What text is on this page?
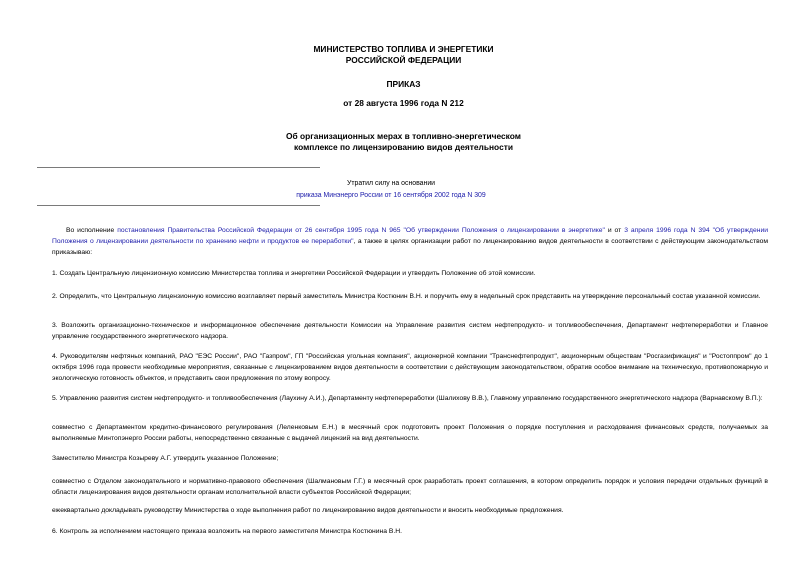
МИНИСТЕРСТВО ТОПЛИВА И ЭНЕРГЕТИКИ
РОССИЙСКОЙ ФЕДЕРАЦИИ
ПРИКАЗ
от 28 августа 1996 года N 212
Об организационных мерах в топливно-энергетическом
комплексе по лицензированию видов деятельности
Утратил силу на основании
приказа Минэнерго России от 16 сентября 2002 года N 309
Во исполнение постановления Правительства Российской Федерации от 26 сентября 1995 года N 965 "Об утверждении Положения о лицензировании в энергетике" и от 3 апреля 1996 года N 394 "Об утверждении Положения о лицензировании деятельности по хранению нефти и продуктов ее переработки", а также в целях организации работ по лицензированию видов деятельности в соответствии с действующим законодательством приказываю:
1. Создать Центральную лицензионную комиссию Министерства топлива и энергетики Российской Федерации и утвердить Положение об этой комиссии.
2. Определить, что Центральную лицензионную комиссию возглавляет первый заместитель Министра Костюнин В.Н. и поручить ему в недельный срок представить на утверждение персональный состав указанной комиссии.
3. Возложить организационно-техническое и информационное обеспечение деятельности Комиссии на Управление развития систем нефтепродукто- и топливообеспечения, Департамент нефтепереработки и Главное управление государственного энергетического надзора.
4. Руководителям нефтяных компаний, РАО "ЕЭС России", РАО "Газпром", ГП "Российская угольная компания", акционерной компании "Транснефтепродукт", акционерным обществам "Росгазификация" и "Ростоппром" до 1 октября 1996 года провести необходимые мероприятия, связанные с лицензированием видов деятельности в соответствии с действующим законодательством, обратив особое внимание на техническую, противопожарную и экологическую готовность объектов, и представить свои предложения по этому вопросу.
5. Управлению развития систем нефтепродукто- и топливообеспечения (Лаухину А.И.), Департаменту нефтепереработки (Шалихову В.В.), Главному управлению государственного энергетического надзора (Варнавскому В.П.):
совместно с Департаментом кредитно-финансового регулирования (Леленковым Е.Н.) в месячный срок подготовить проект Положения о порядке поступления и расходования финансовых средств, получаемых за выполняемые Минтопэнерго России работы, непосредственно связанные с выдачей лицензий на вид деятельности.
Заместителю Министра Козыреву А.Г. утвердить указанное Положение;
совместно с Отделом законодательного и нормативно-правового обеспечения (Шалмановым Г.Г.) в месячный срок разработать проект соглашения, в котором определить порядок и условия передачи отдельных функций в области лицензирования видов деятельности органам исполнительной власти субъектов Российской Федерации;
ежеквартально докладывать руководству Министерства о ходе выполнения работ по лицензированию видов деятельности и вносить необходимые предложения.
6. Контроль за исполнением настоящего приказа возложить на первого заместителя Министра Костюнина В.Н.
